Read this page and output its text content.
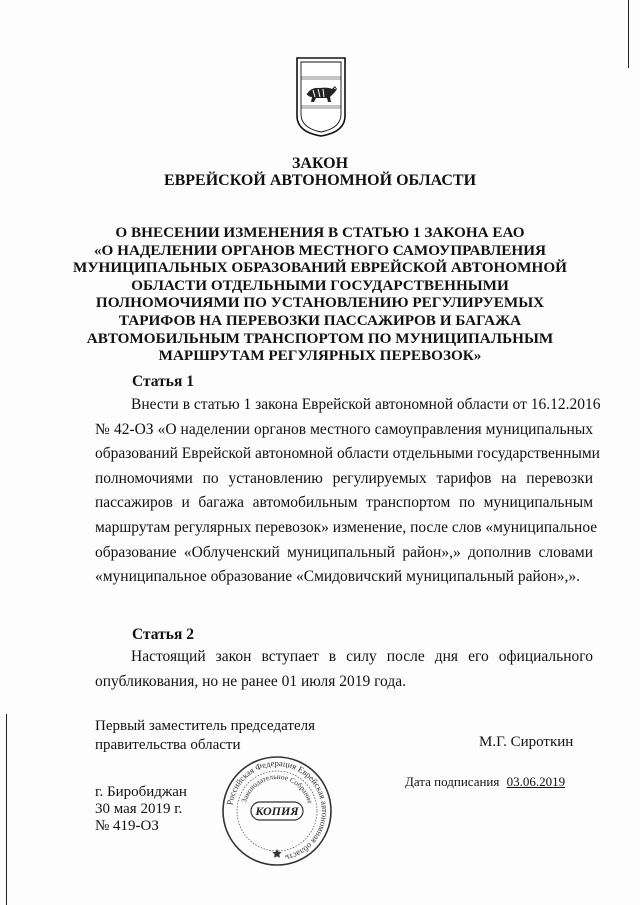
ЗАКОН
ЕВРЕЙСКОЙ АВТОНОМНОЙ ОБЛАСТИ
О ВНЕСЕНИИ ИЗМЕНЕНИЯ В СТАТЬЮ 1 ЗАКОНА ЕАО
«О НАДЕЛЕНИИ ОРГАНОВ МЕСТНОГО САМОУПРАВЛЕНИЯ
МУНИЦИПАЛЬНЫХ ОБРАЗОВАНИЙ ЕВРЕЙСКОЙ АВТОНОМНОЙ
ОБЛАСТИ ОТДЕЛЬНЫМИ ГОСУДАРСТВЕННЫМИ
ПОЛНОМОЧИЯМИ ПО УСТАНОВЛЕНИЮ РЕГУЛИРУЕМЫХ
ТАРИФОВ НА ПЕРЕВОЗКИ ПАССАЖИРОВ И БАГАЖА
АВТОМОБИЛЬНЫМ ТРАНСПОРТОМ ПО МУНИЦИПАЛЬНЫМ
МАРШРУТАМ РЕГУЛЯРНЫХ ПЕРЕВОЗОК»
Статья 1
Внести в статью 1 закона Еврейской автономной области от 16.12.2016
№ 42-ОЗ «О наделении органов местного самоуправления муниципальных
образований Еврейской автономной области отдельными государственными
полномочиями по установлению регулируемых тарифов на перевозки
пассажиров и багажа автомобильным транспортом по муниципальным
маршрутам регулярных перевозок» изменение, после слов «муниципальное
образование «Облученский муниципальный район»,» дополнив словами
«муниципальное образование «Смидовичский муниципальный район»,».
Статья 2
Настоящий закон вступает в силу после дня его официального
опубликования, но не ранее 01 июля 2019 года.
Первый заместитель председателя
правительства области	М.Г. Сироткин
г. Биробиджан
30 мая 2019 г.
№ 419-ОЗ
Дата подписания 03.06.2019
Российская Федерация Еврейская автономная область
Законодательное Собрание
КОПИЯ
